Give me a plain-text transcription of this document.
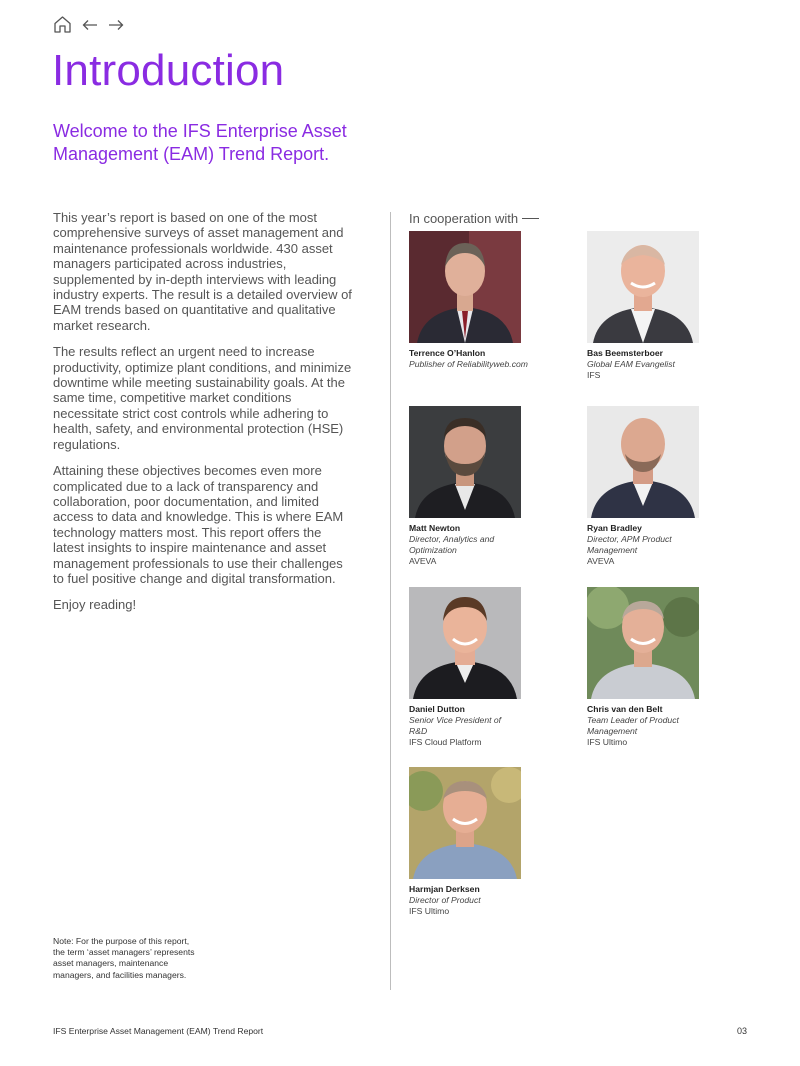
Introduction
Welcome to the IFS Enterprise Asset Management (EAM) Trend Report.

This year’s report is based on one of the most comprehensive surveys of asset management and maintenance professionals worldwide. 430 asset managers participated across industries, supplemented by in-depth interviews with leading industry experts. The result is a detailed overview of EAM trends based on quantitative and qualitative market research.

The results reflect an urgent need to increase productivity, optimize plant conditions, and minimize downtime while meeting sustainability goals. At the same time, competitive market conditions necessitate strict cost controls while adhering to health, safety, and environmental protection (HSE) regulations.

Attaining these objectives becomes even more complicated due to a lack of transparency and collaboration, poor documentation, and limited access to data and knowledge. This is where EAM technology matters most. This report offers the latest insights to inspire maintenance and asset management professionals to use their challenges to fuel positive change and digital transformation.

Enjoy reading!

In cooperation with
Terrence O’Hanlon
Publisher of Reliabilityweb.com
Bas Beemsterboer
Global EAM Evangelist
IFS
Matt Newton
Director, Analytics and Optimization
AVEVA
Ryan Bradley
Director, APM Product Management
AVEVA
Daniel Dutton
Senior Vice President of R&D
IFS Cloud Platform
Chris van den Belt
Team Leader of Product Management
IFS Ultimo
Harmjan Derksen
Director of Product
IFS Ultimo
Note: For the purpose of this report, the term ‘asset managers’ represents asset managers, maintenance managers, and facilities managers.
IFS Enterprise Asset Management (EAM) Trend Report	03
